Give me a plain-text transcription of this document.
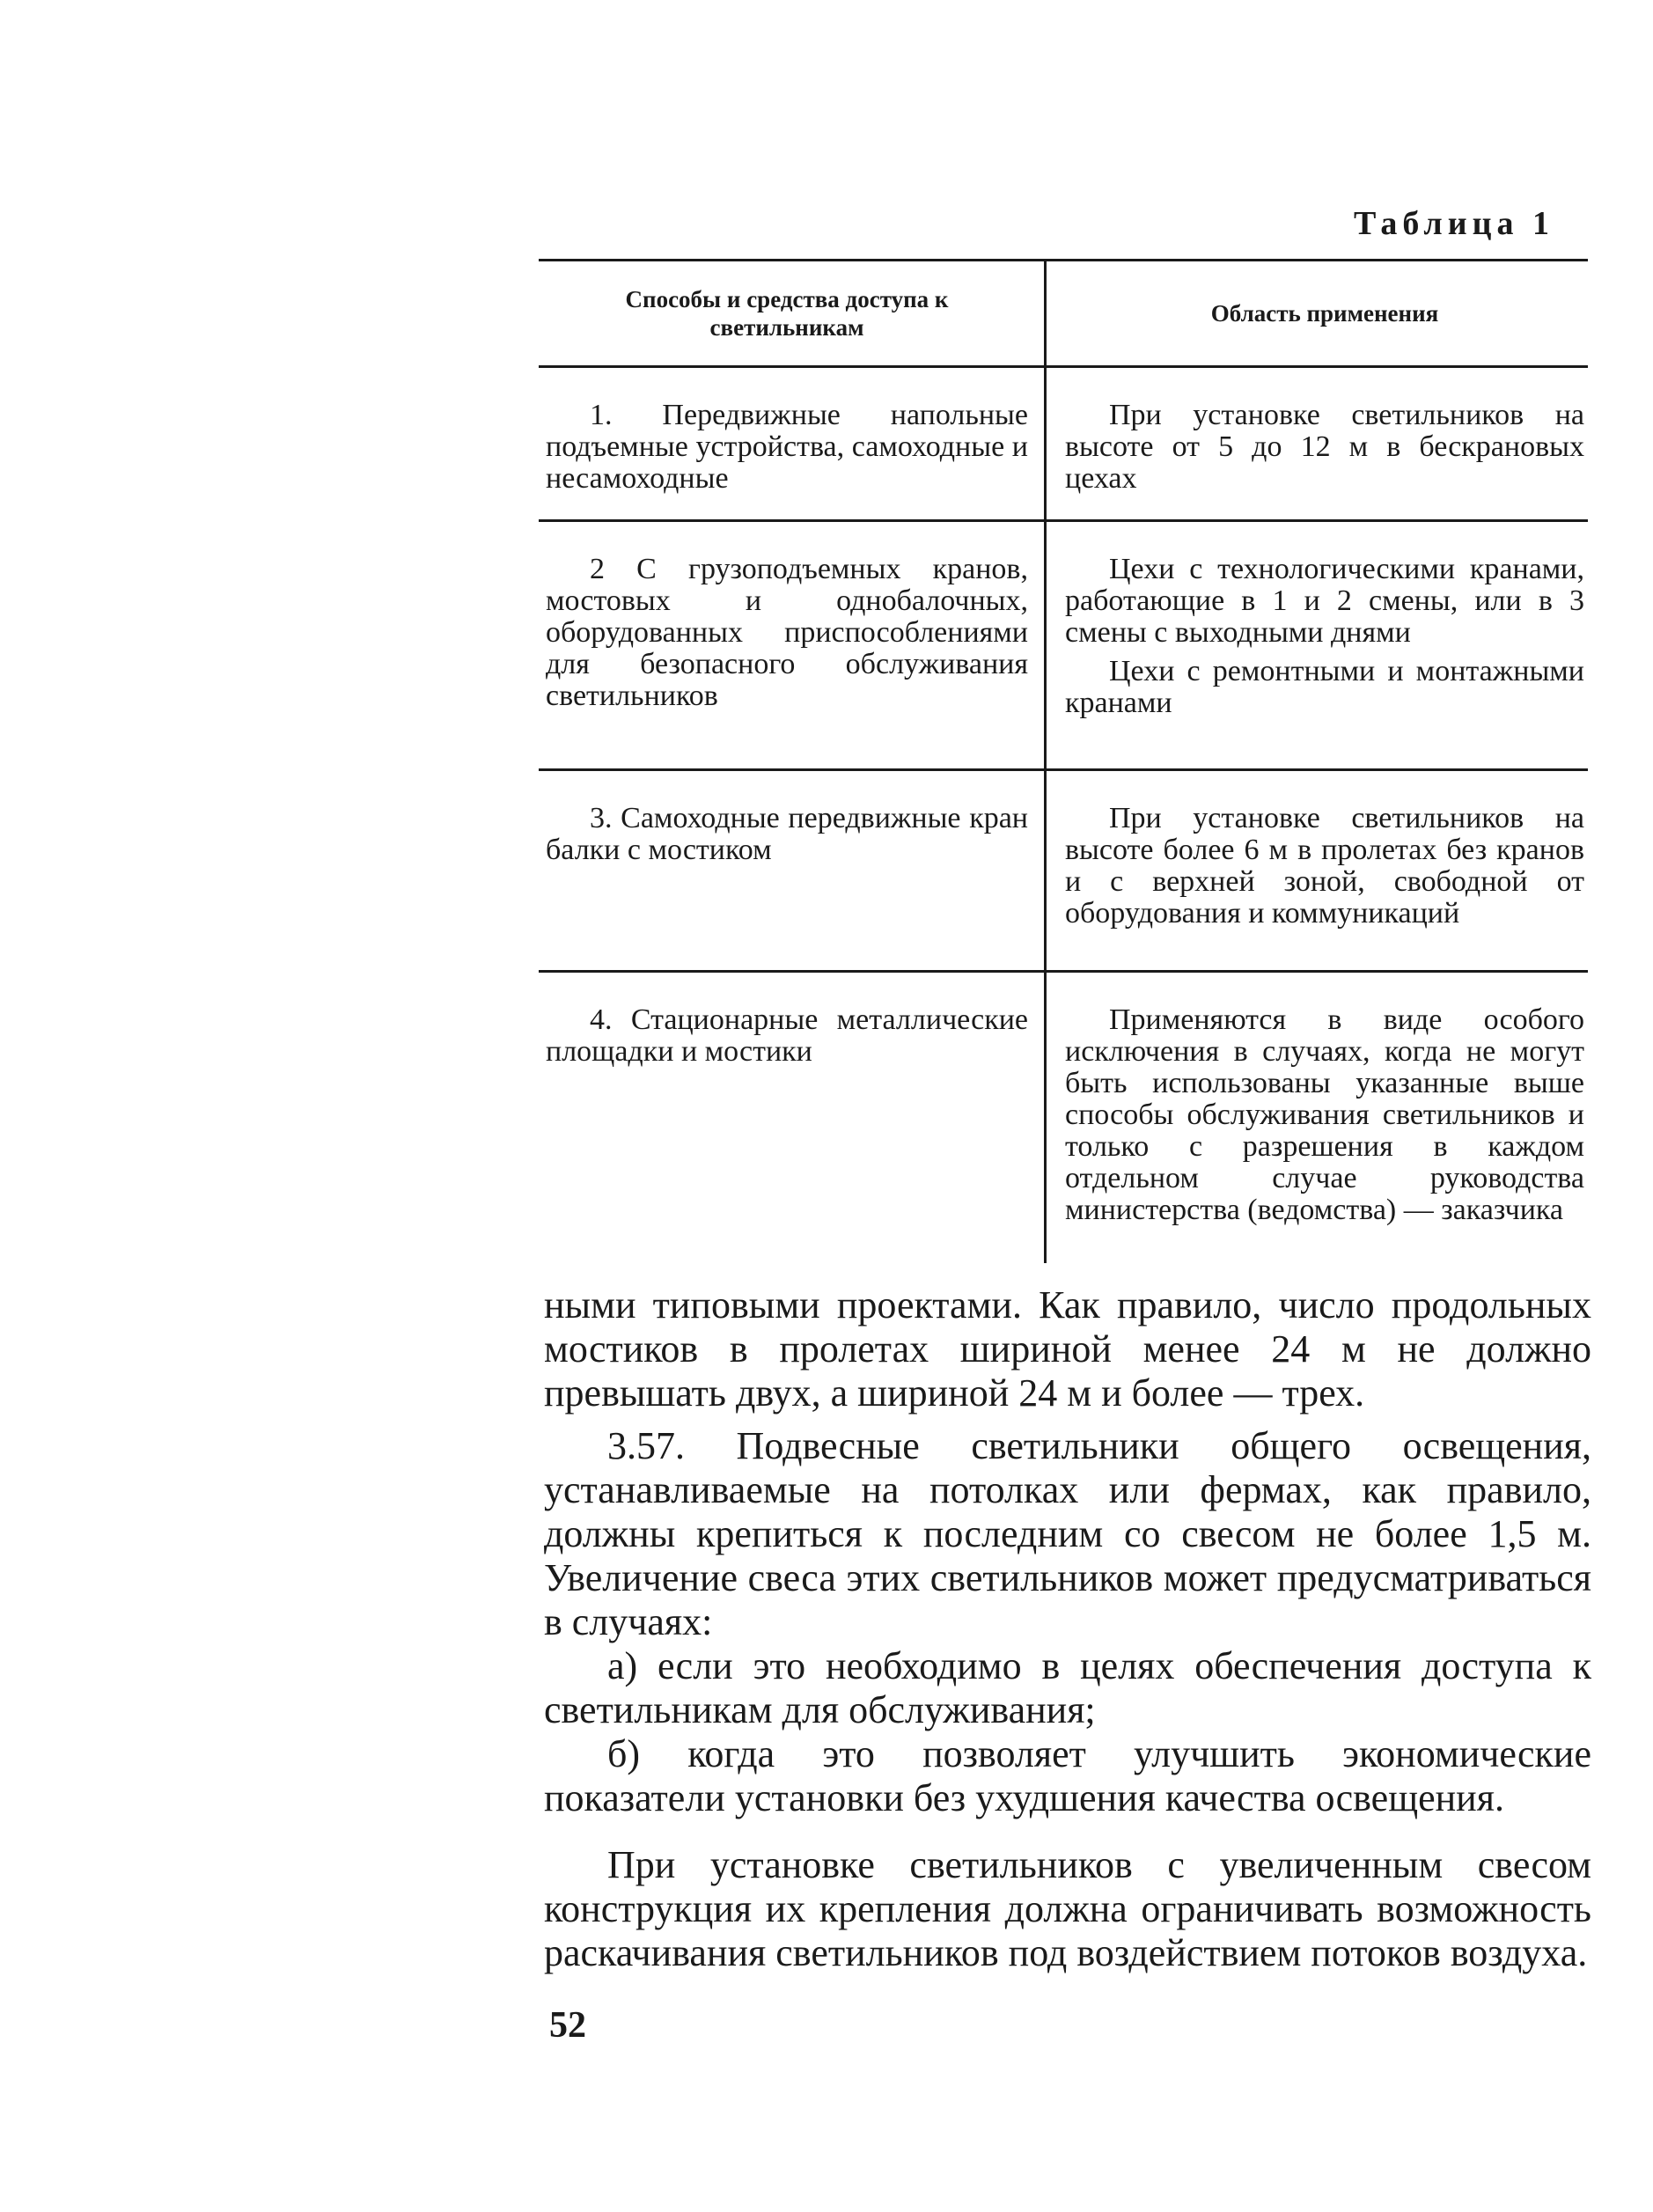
Таблица 1
Способы и средства доступа к светильникам
Область применения

1. Передвижные напольные подъемные устройства, самоходные и несамоходные

При установке светильников на высоте от 5 до 12 м в бескрановых цехах

2 С грузоподъемных кранов, мостовых и однобалочных, оборудованных приспособлениями для безопасного обслуживания светильников

Цехи с технологическими кранами, работающие в 1 и 2 смены, или в 3 смены с выходными днями

Цехи с ремонтными и монтажными кранами

3. Самоходные передвижные кран балки с мостиком

При установке светильников на высоте более 6 м в пролетах без кранов и с верхней зоной, свободной от оборудования и коммуникаций

4. Стационарные металлические площадки и мостики

Применяются в виде особого исключения в случаях, когда не могут быть использованы указанные выше способы обслуживания светильников и только с разрешения в каждом отдельном случае руководства министерства (ведомства) — заказчика

ными типовыми проектами. Как правило, число продольных мостиков в пролетах шириной менее 24 м не должно превышать двух, а шириной 24 м и более — трех.

3.57. Подвесные светильники общего освещения, устанавливаемые на потолках или фермах, как правило, должны крепиться к последним со свесом не более 1,5 м. Увеличение свеса этих светильников может предусматриваться в случаях:

а) если это необходимо в целях обеспечения доступа к светильникам для обслуживания;

б) когда это позволяет улучшить экономические показатели установки без ухудшения качества освещения.

При установке светильников с увеличенным свесом конструкция их крепления должна ограничивать возможность раскачивания светильников под воздействием потоков воздуха.

52
